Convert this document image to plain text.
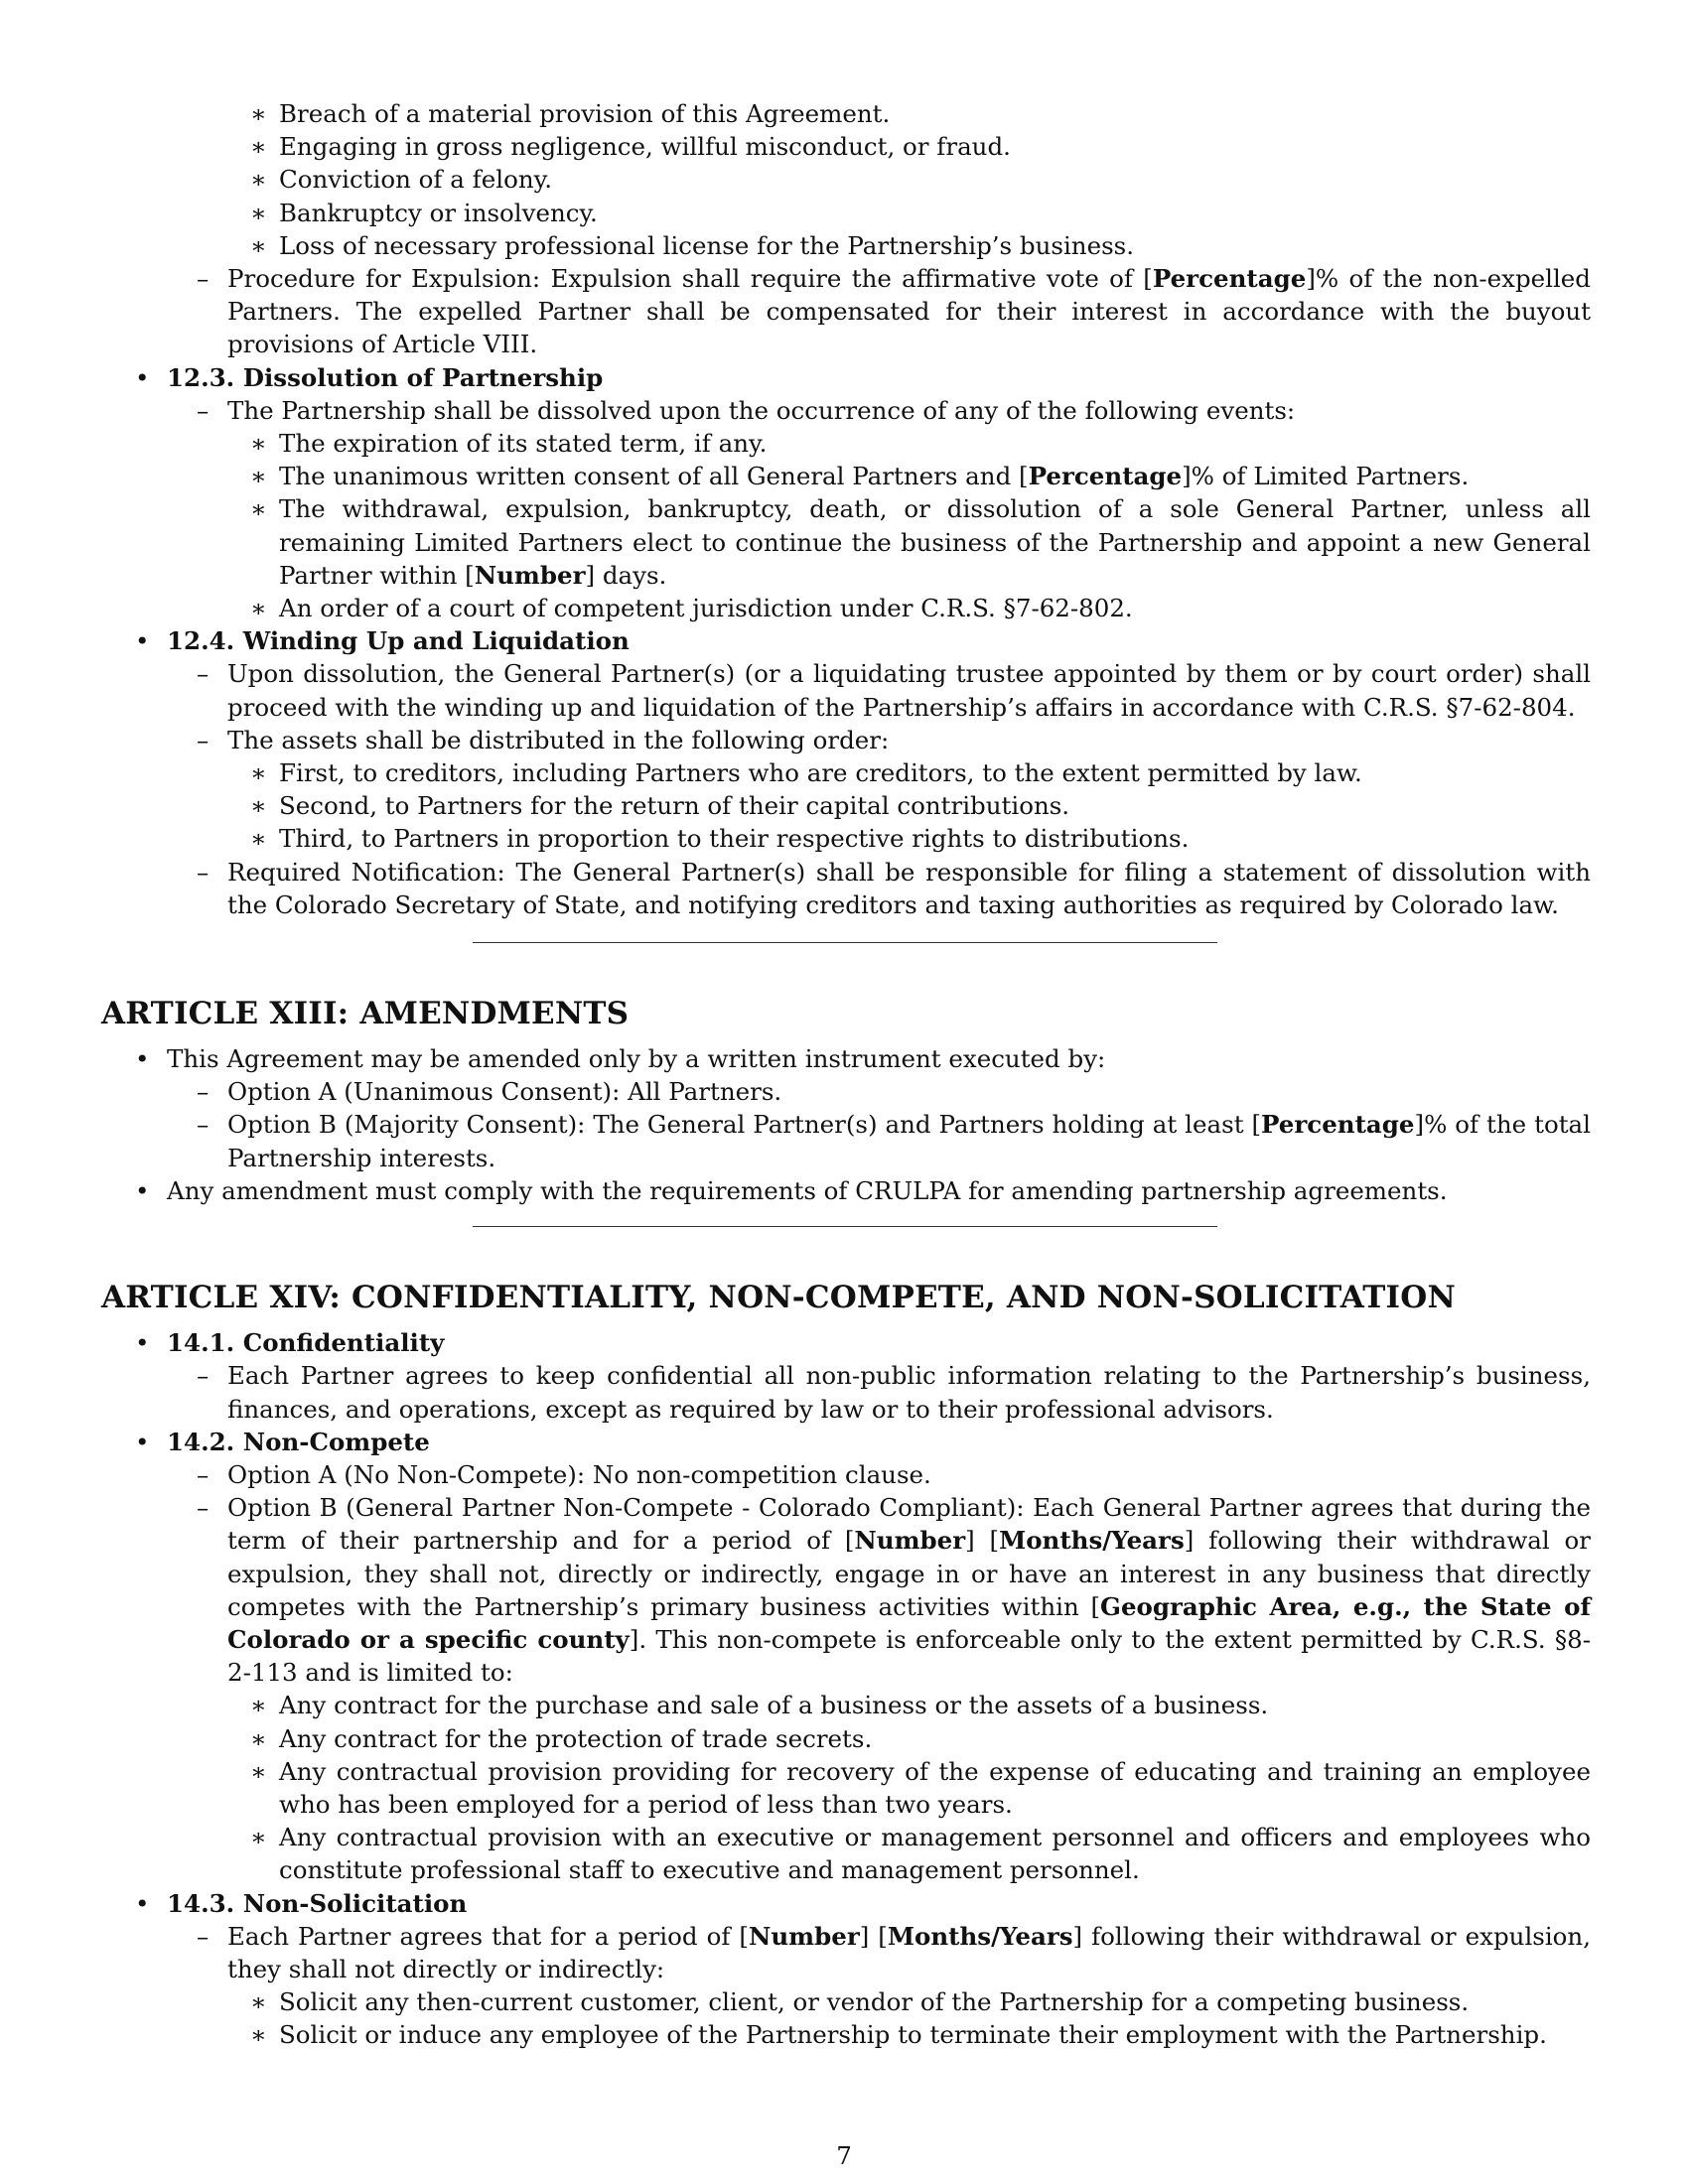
∗ Breach of a material provision of this Agreement.
∗ Engaging in gross negligence, willful misconduct, or fraud.
∗ Conviction of a felony.
∗ Bankruptcy or insolvency.
∗ Loss of necessary professional license for the Partnership’s business.
– Procedure for Expulsion: Expulsion shall require the affirmative vote of [Percentage]% of the non-expelled Partners. The expelled Partner shall be compensated for their interest in accordance with the buyout provisions of Article VIII.
• 12.3. Dissolution of Partnership
– The Partnership shall be dissolved upon the occurrence of any of the following events:
∗ The expiration of its stated term, if any.
∗ The unanimous written consent of all General Partners and [Percentage]% of Limited Partners.
∗ The withdrawal, expulsion, bankruptcy, death, or dissolution of a sole General Partner, unless all remaining Limited Partners elect to continue the business of the Partnership and appoint a new General Partner within [Number] days.
∗ An order of a court of competent jurisdiction under C.R.S. §7-62-802.
• 12.4. Winding Up and Liquidation
– Upon dissolution, the General Partner(s) (or a liquidating trustee appointed by them or by court order) shall proceed with the winding up and liquidation of the Partnership’s affairs in accordance with C.R.S. §7-62-804.
– The assets shall be distributed in the following order:
∗ First, to creditors, including Partners who are creditors, to the extent permitted by law.
∗ Second, to Partners for the return of their capital contributions.
∗ Third, to Partners in proportion to their respective rights to distributions.
– Required Notification: The General Partner(s) shall be responsible for filing a statement of dissolution with the Colorado Secretary of State, and notifying creditors and taxing authorities as required by Colorado law.
ARTICLE XIII: AMENDMENTS
• This Agreement may be amended only by a written instrument executed by:
– Option A (Unanimous Consent): All Partners.
– Option B (Majority Consent): The General Partner(s) and Partners holding at least [Percentage]% of the total Partnership interests.
• Any amendment must comply with the requirements of CRULPA for amending partnership agreements.
ARTICLE XIV: CONFIDENTIALITY, NON-COMPETE, AND NON-SOLICITATION
• 14.1. Confidentiality
– Each Partner agrees to keep confidential all non-public information relating to the Partnership’s business, finances, and operations, except as required by law or to their professional advisors.
• 14.2. Non-Compete
– Option A (No Non-Compete): No non-competition clause.
– Option B (General Partner Non-Compete - Colorado Compliant): Each General Partner agrees that during the term of their partnership and for a period of [Number] [Months/Years] following their withdrawal or expulsion, they shall not, directly or indirectly, engage in or have an interest in any business that directly competes with the Partnership’s primary business activities within [Geographic Area, e.g., the State of Colorado or a specific county]. This non-compete is enforceable only to the extent permitted by C.R.S. §8-2-113 and is limited to:
∗ Any contract for the purchase and sale of a business or the assets of a business.
∗ Any contract for the protection of trade secrets.
∗ Any contractual provision providing for recovery of the expense of educating and training an employee who has been employed for a period of less than two years.
∗ Any contractual provision with an executive or management personnel and officers and employees who constitute professional staff to executive and management personnel.
• 14.3. Non-Solicitation
– Each Partner agrees that for a period of [Number] [Months/Years] following their withdrawal or expulsion, they shall not directly or indirectly:
∗ Solicit any then-current customer, client, or vendor of the Partnership for a competing business.
∗ Solicit or induce any employee of the Partnership to terminate their employment with the Partnership.
7
